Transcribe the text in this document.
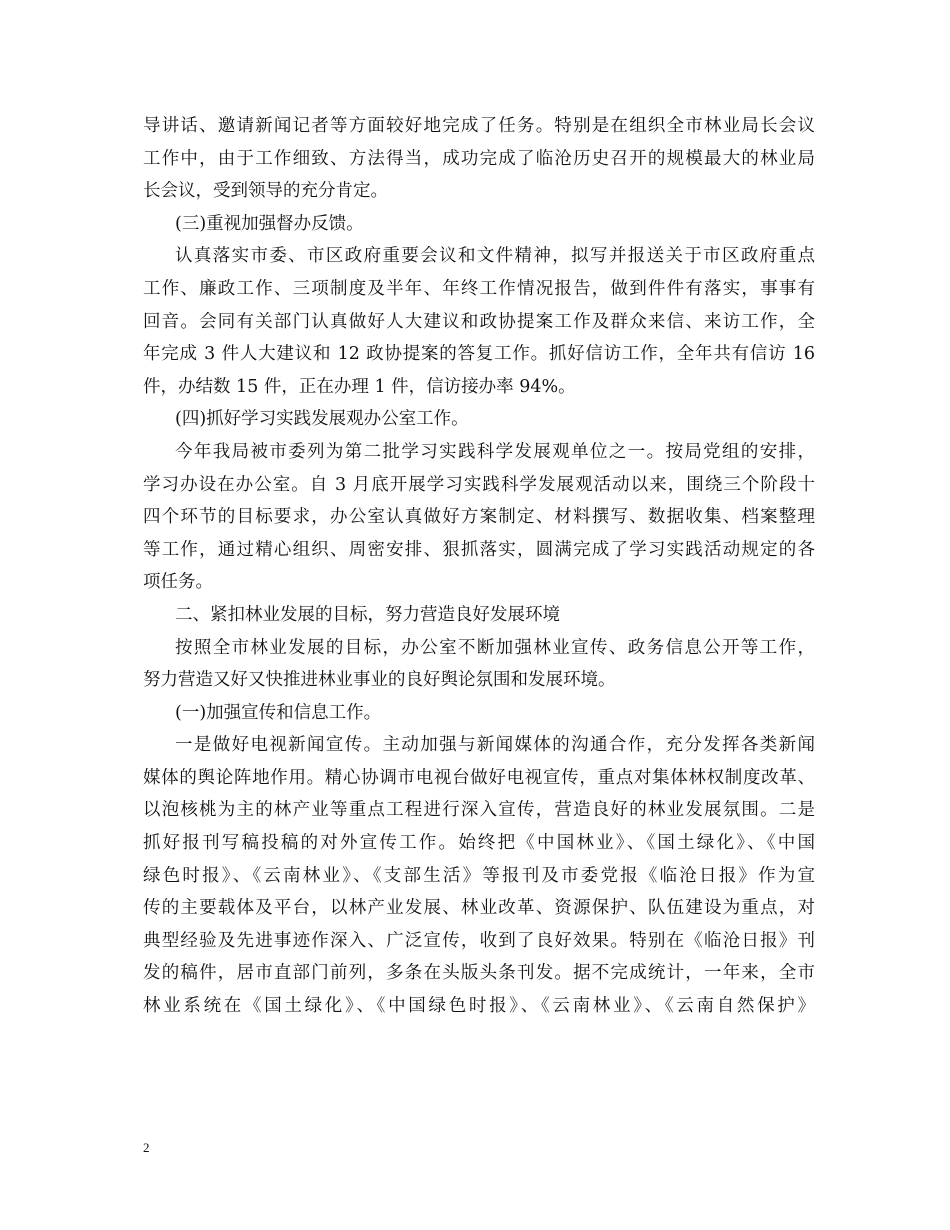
导讲话、邀请新闻记者等方面较好地完成了任务。特别是在组织全市林业局长会议
工作中，由于工作细致、方法得当，成功完成了临沧历史召开的规模最大的林业局
长会议，受到领导的充分肯定。
(三)重视加强督办反馈。
认真落实市委、市区政府重要会议和文件精神，拟写并报送关于市区政府重点
工作、廉政工作、三项制度及半年、年终工作情况报告，做到件件有落实，事事有
回音。会同有关部门认真做好人大建议和政协提案工作及群众来信、来访工作，全
年完成 3 件人大建议和 12 政协提案的答复工作。抓好信访工作，全年共有信访 16
件，办结数 15 件，正在办理 1 件，信访接办率 94%。
(四)抓好学习实践发展观办公室工作。
今年我局被市委列为第二批学习实践科学发展观单位之一。按局党组的安排，
学习办设在办公室。自 3 月底开展学习实践科学发展观活动以来，围绕三个阶段十
四个环节的目标要求，办公室认真做好方案制定、材料撰写、数据收集、档案整理
等工作，通过精心组织、周密安排、狠抓落实，圆满完成了学习实践活动规定的各
项任务。
二、紧扣林业发展的目标，努力营造良好发展环境
按照全市林业发展的目标，办公室不断加强林业宣传、政务信息公开等工作，
努力营造又好又快推进林业事业的良好舆论氛围和发展环境。
(一)加强宣传和信息工作。
一是做好电视新闻宣传。主动加强与新闻媒体的沟通合作，充分发挥各类新闻
媒体的舆论阵地作用。精心协调市电视台做好电视宣传，重点对集体林权制度改革、
以泡核桃为主的林产业等重点工程进行深入宣传，营造良好的林业发展氛围。二是
抓好报刊写稿投稿的对外宣传工作。始终把《中国林业》、《国土绿化》、《中国
绿色时报》、《云南林业》、《支部生活》等报刊及市委党报《临沧日报》作为宣
传的主要载体及平台，以林产业发展、林业改革、资源保护、队伍建设为重点，对
典型经验及先进事迹作深入、广泛宣传，收到了良好效果。特别在《临沧日报》刊
发的稿件，居市直部门前列，多条在头版头条刊发。据不完成统计，一年来，全市
林业系统在《国土绿化》、《中国绿色时报》、《云南林业》、《云南自然保护》
2
